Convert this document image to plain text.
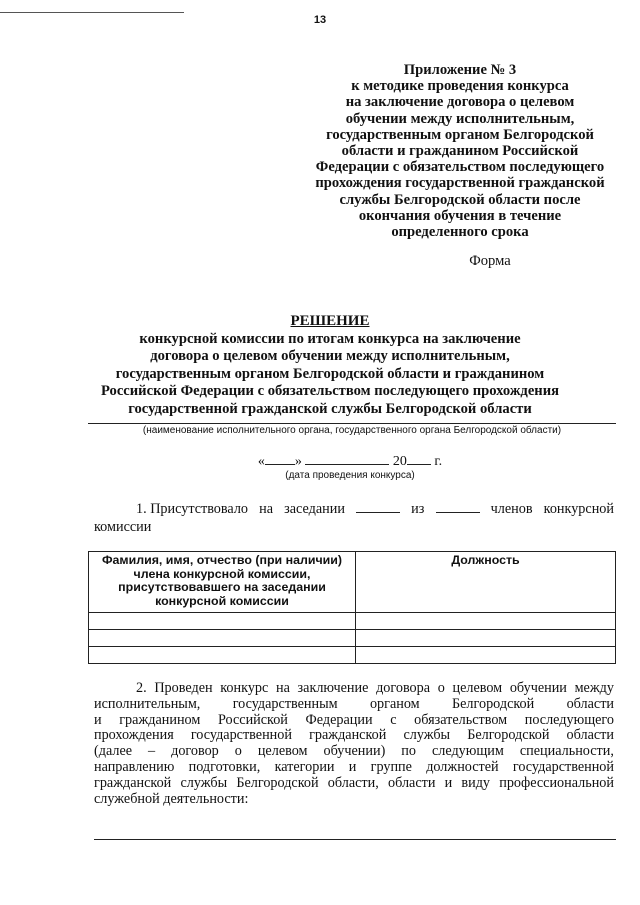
13
Приложение № 3
к методике проведения конкурса
на заключение договора о целевом
обучении между исполнительным,
государственным органом Белгородской
области и гражданином Российской
Федерации с обязательством последующего
прохождения государственной гражданской
службы Белгородской области после
окончания обучения в течение
определенного срока
Форма
РЕШЕНИЕ
конкурсной комиссии по итогам конкурса на заключение
договора о целевом обучении между исполнительным,
государственным органом Белгородской области и гражданином
Российской Федерации с обязательством последующего прохождения
государственной гражданской службы Белгородской области
(наименование исполнительного органа, государственного органа Белгородской области)
« »	20 г.
(дата проведения конкурса)
1. Присутствовало на заседании	из	членов конкурсной
комиссии
Фамилия, имя, отчество (при наличии) члена конкурсной комиссии, присутствовавшего на заседании конкурсной комиссии	Должность

2. Проведен конкурс на заключение договора о целевом обучении между
исполнительным, государственным органом Белгородской области
и гражданином Российской Федерации с обязательством последующего
прохождения государственной гражданской службы Белгородской области
(далее – договор о целевом обучении) по следующим специальности,
направлению подготовки, категории и группе должностей государственной
гражданской службы Белгородской области, области и виду профессиональной
служебной деятельности:
